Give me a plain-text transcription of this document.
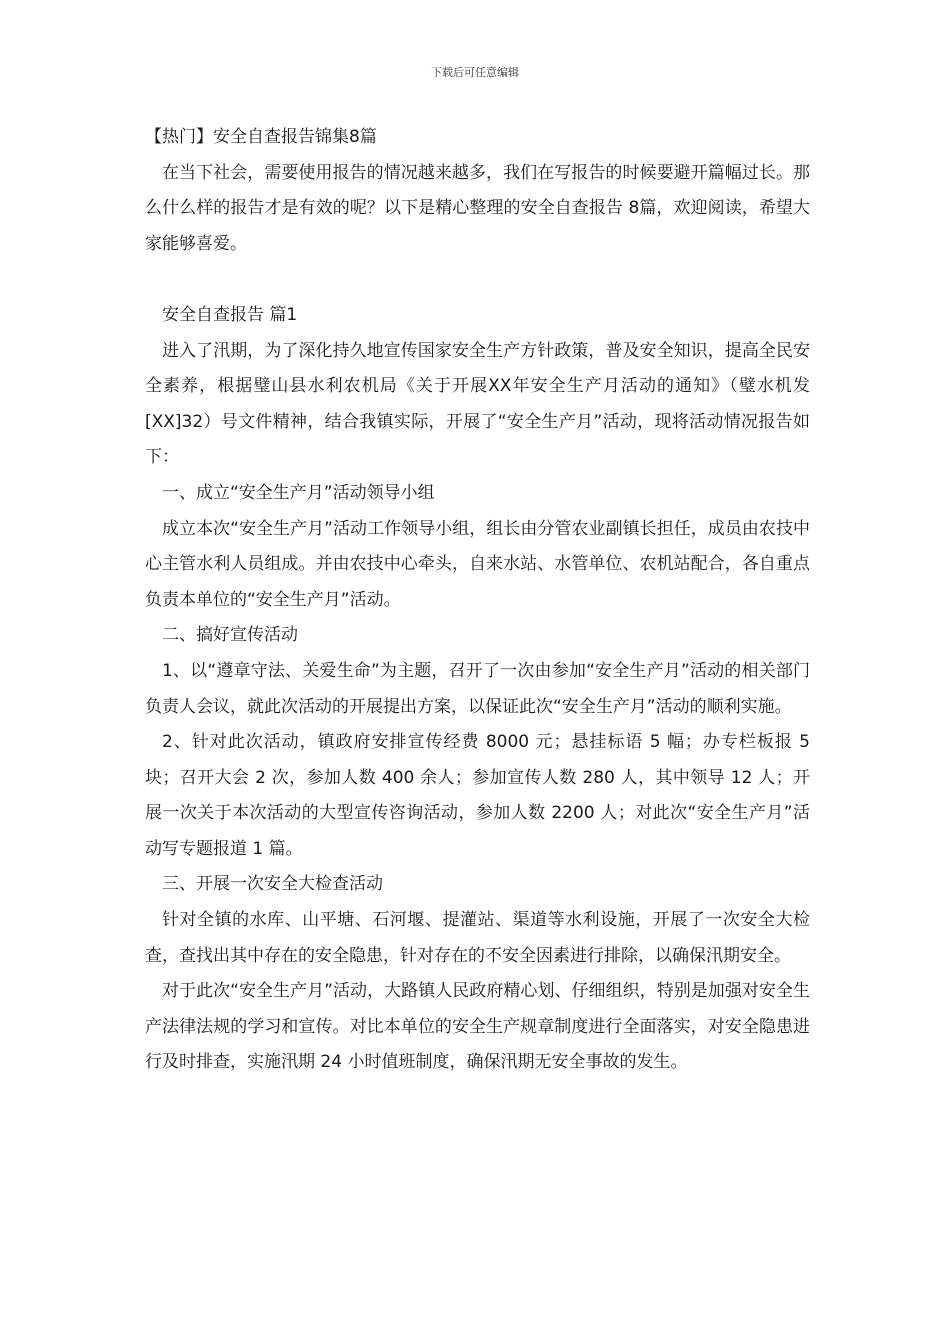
下载后可任意编辑

【热门】安全自查报告锦集8篇

在当下社会，需要使用报告的情况越来越多，我们在写报告的时候要避开篇幅过长。那么什么样的报告才是有效的呢？以下是精心整理的安全自查报告 8篇，欢迎阅读，希望大家能够喜爱。

安全自查报告 篇1

进入了汛期，为了深化持久地宣传国家安全生产方针政策，普及安全知识，提高全民安全素养，根据璧山县水利农机局《关于开展XX年安全生产月活动的通知》（璧水机发[XX]32）号文件精神，结合我镇实际，开展了“安全生产月”活动，现将活动情况报告如下：

一、成立“安全生产月”活动领导小组

成立本次“安全生产月”活动工作领导小组，组长由分管农业副镇长担任，成员由农技中心主管水利人员组成。并由农技中心牵头，自来水站、水管单位、农机站配合，各自重点负责本单位的“安全生产月”活动。

二、搞好宣传活动

1、以“遵章守法、关爱生命”为主题，召开了一次由参加“安全生产月”活动的相关部门负责人会议，就此次活动的开展提出方案，以保证此次“安全生产月”活动的顺利实施。

2、针对此次活动，镇政府安排宣传经费 8000 元；悬挂标语 5 幅；办专栏板报 5 块；召开大会 2 次，参加人数 400 余人；参加宣传人数 280 人，其中领导 12 人；开展一次关于本次活动的大型宣传咨询活动，参加人数 2200 人；对此次“安全生产月”活动写专题报道 1 篇。

三、开展一次安全大检查活动

针对全镇的水库、山平塘、石河堰、提灌站、渠道等水利设施，开展了一次安全大检查，查找出其中存在的安全隐患，针对存在的不安全因素进行排除，以确保汛期安全。

对于此次“安全生产月”活动，大路镇人民政府精心划、仔细组织，特别是加强对安全生产法律法规的学习和宣传。对比本单位的安全生产规章制度进行全面落实，对安全隐患进行及时排查，实施汛期 24 小时值班制度，确保汛期无安全事故的发生。
